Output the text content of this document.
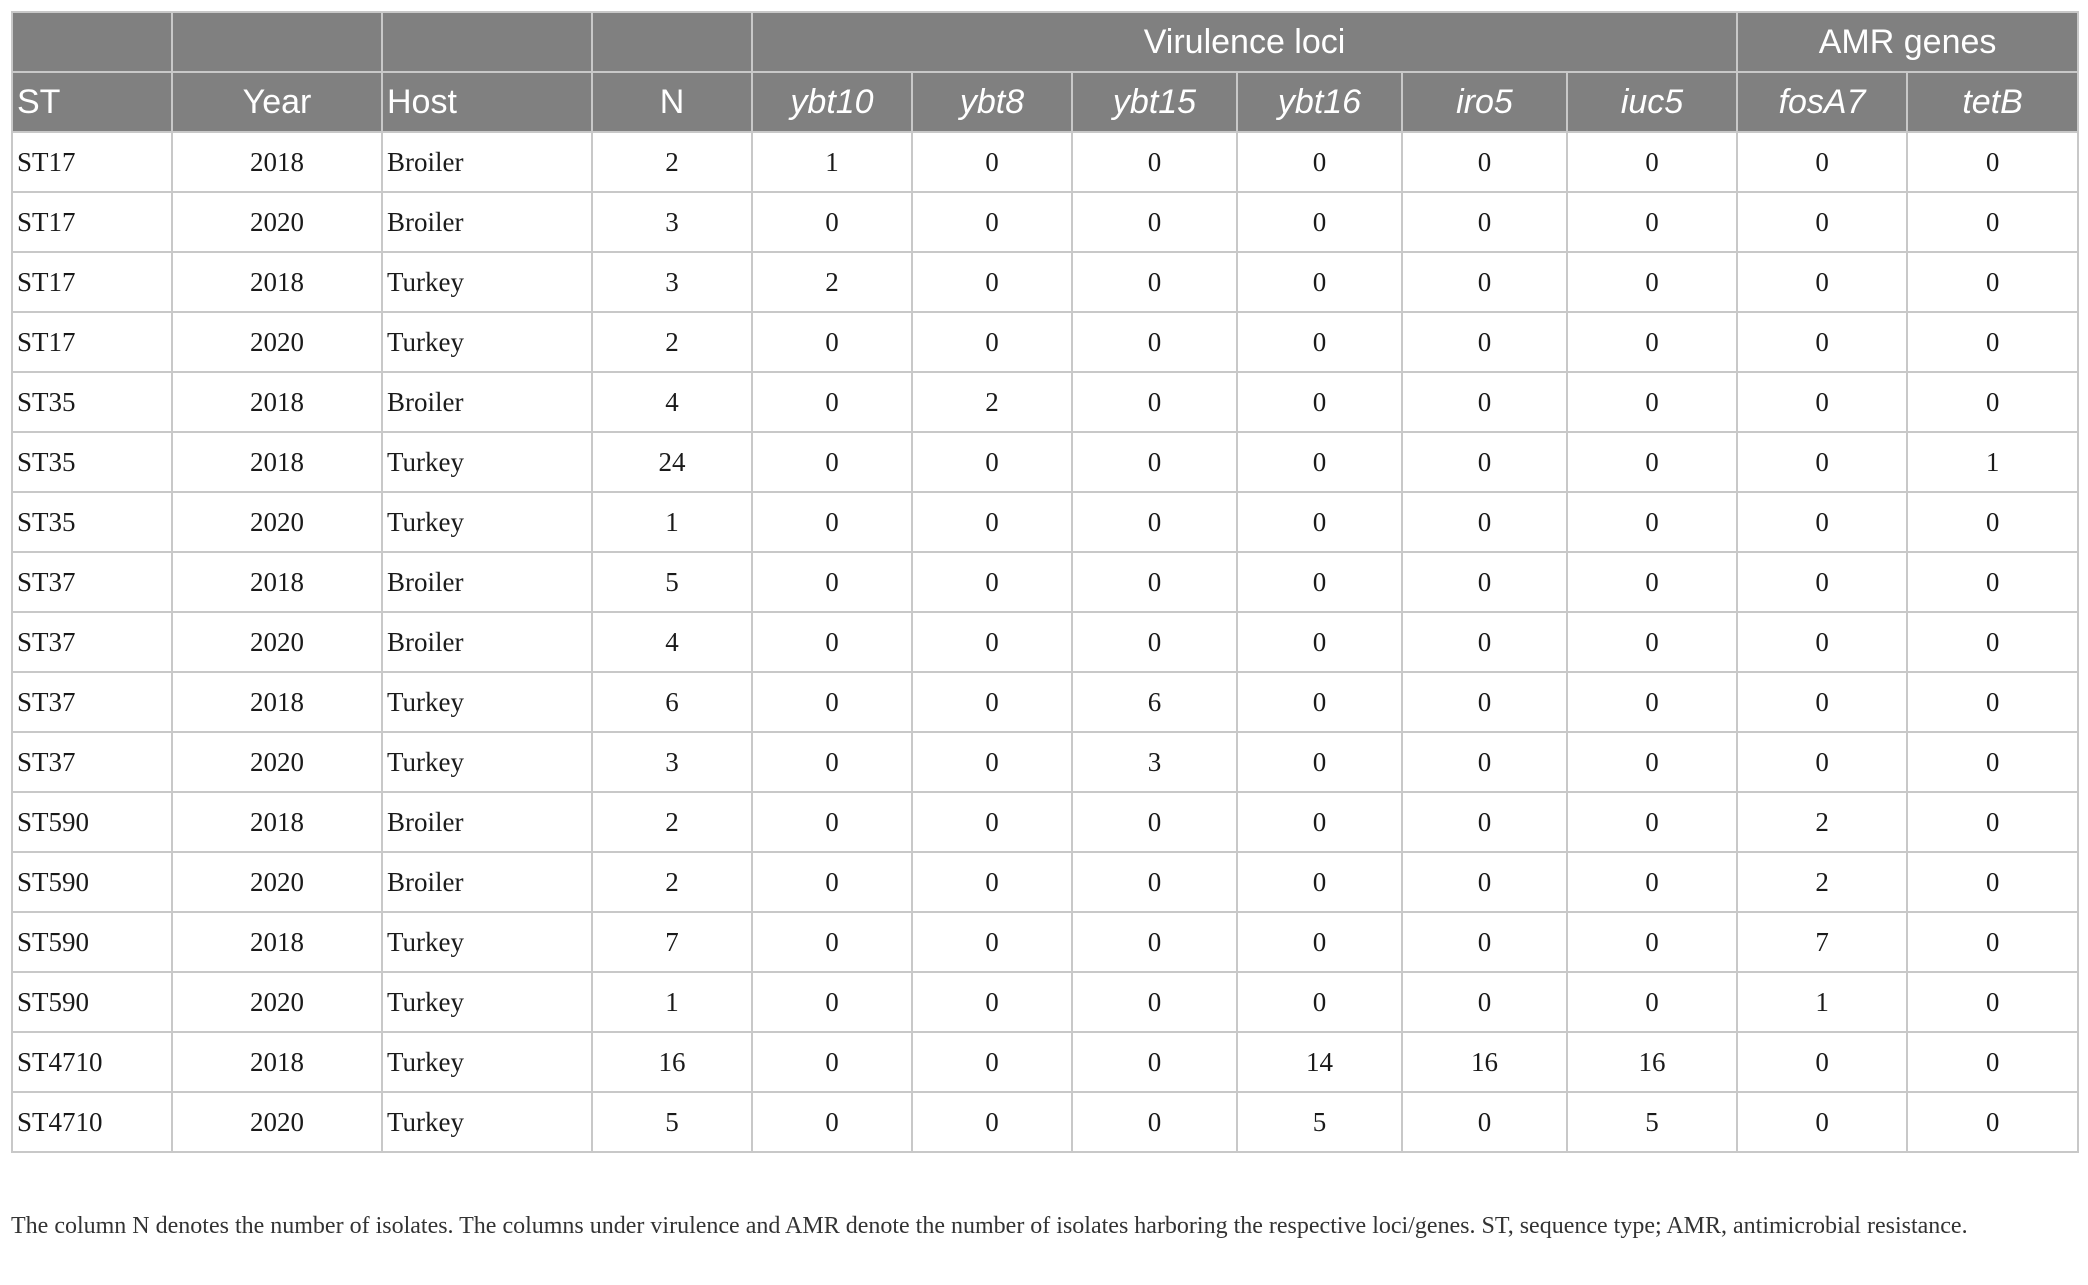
				Virulence loci						AMR genes	
ST	Year	Host	N	ybt10	ybt8	ybt15	ybt16	iro5	iuc5	fosA7	tetB
ST17	2018	Broiler	2	1	0	0	0	0	0	0	0
ST17	2020	Broiler	3	0	0	0	0	0	0	0	0
ST17	2018	Turkey	3	2	0	0	0	0	0	0	0
ST17	2020	Turkey	2	0	0	0	0	0	0	0	0
ST35	2018	Broiler	4	0	2	0	0	0	0	0	0
ST35	2018	Turkey	24	0	0	0	0	0	0	0	1
ST35	2020	Turkey	1	0	0	0	0	0	0	0	0
ST37	2018	Broiler	5	0	0	0	0	0	0	0	0
ST37	2020	Broiler	4	0	0	0	0	0	0	0	0
ST37	2018	Turkey	6	0	0	6	0	0	0	0	0
ST37	2020	Turkey	3	0	0	3	0	0	0	0	0
ST590	2018	Broiler	2	0	0	0	0	0	0	2	0
ST590	2020	Broiler	2	0	0	0	0	0	0	2	0
ST590	2018	Turkey	7	0	0	0	0	0	0	7	0
ST590	2020	Turkey	1	0	0	0	0	0	0	1	0
ST4710	2018	Turkey	16	0	0	0	14	16	16	0	0
ST4710	2020	Turkey	5	0	0	0	5	0	5	0	0

The column N denotes the number of isolates. The columns under virulence and AMR denote the number of isolates harboring the respective loci/genes. ST, sequence type; AMR, antimicrobial resistance.
